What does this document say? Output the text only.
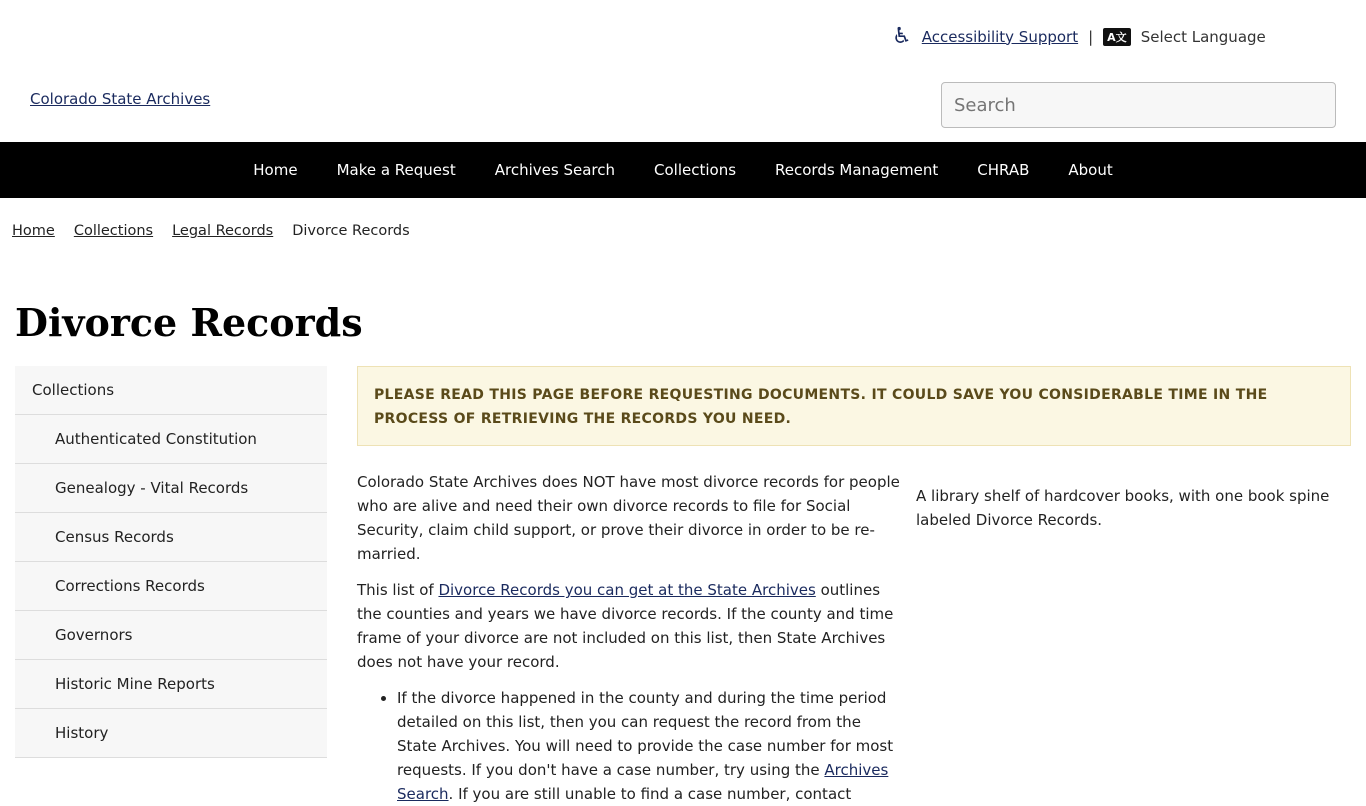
♿ Accessibility Support |	A文 Select Language
Colorado State Archives
Search
Home	Make a Request	Archives Search	Collections	Records Management	CHRAB	About
Home Collections Legal Records Divorce Records
Divorce Records
Collections
Authenticated Constitution
Genealogy - Vital Records
Census Records
Corrections Records
Governors
Historic Mine Reports
History
PLEASE READ THIS PAGE BEFORE REQUESTING DOCUMENTS. IT COULD SAVE YOU CONSIDERABLE TIME IN THE PROCESS OF RETRIEVING THE RECORDS YOU NEED.

Colorado State Archives does NOT have most divorce records for people who are alive and need their own divorce records to file for Social Security, claim child support, or prove their divorce in order to be re-married.

This list of Divorce Records you can get at the State Archives outlines the counties and years we have divorce records. If the county and time frame of your divorce are not included on this list, then State Archives does not have your record.

• If the divorce happened in the county and during the time period detailed on this list, then you can request the record from the State Archives. You will need to provide the case number for most requests. If you don't have a case number, try using the Archives Search. If you are still unable to find a case number, contact
A library shelf of hardcover books, with one book spine labeled Divorce Records.
